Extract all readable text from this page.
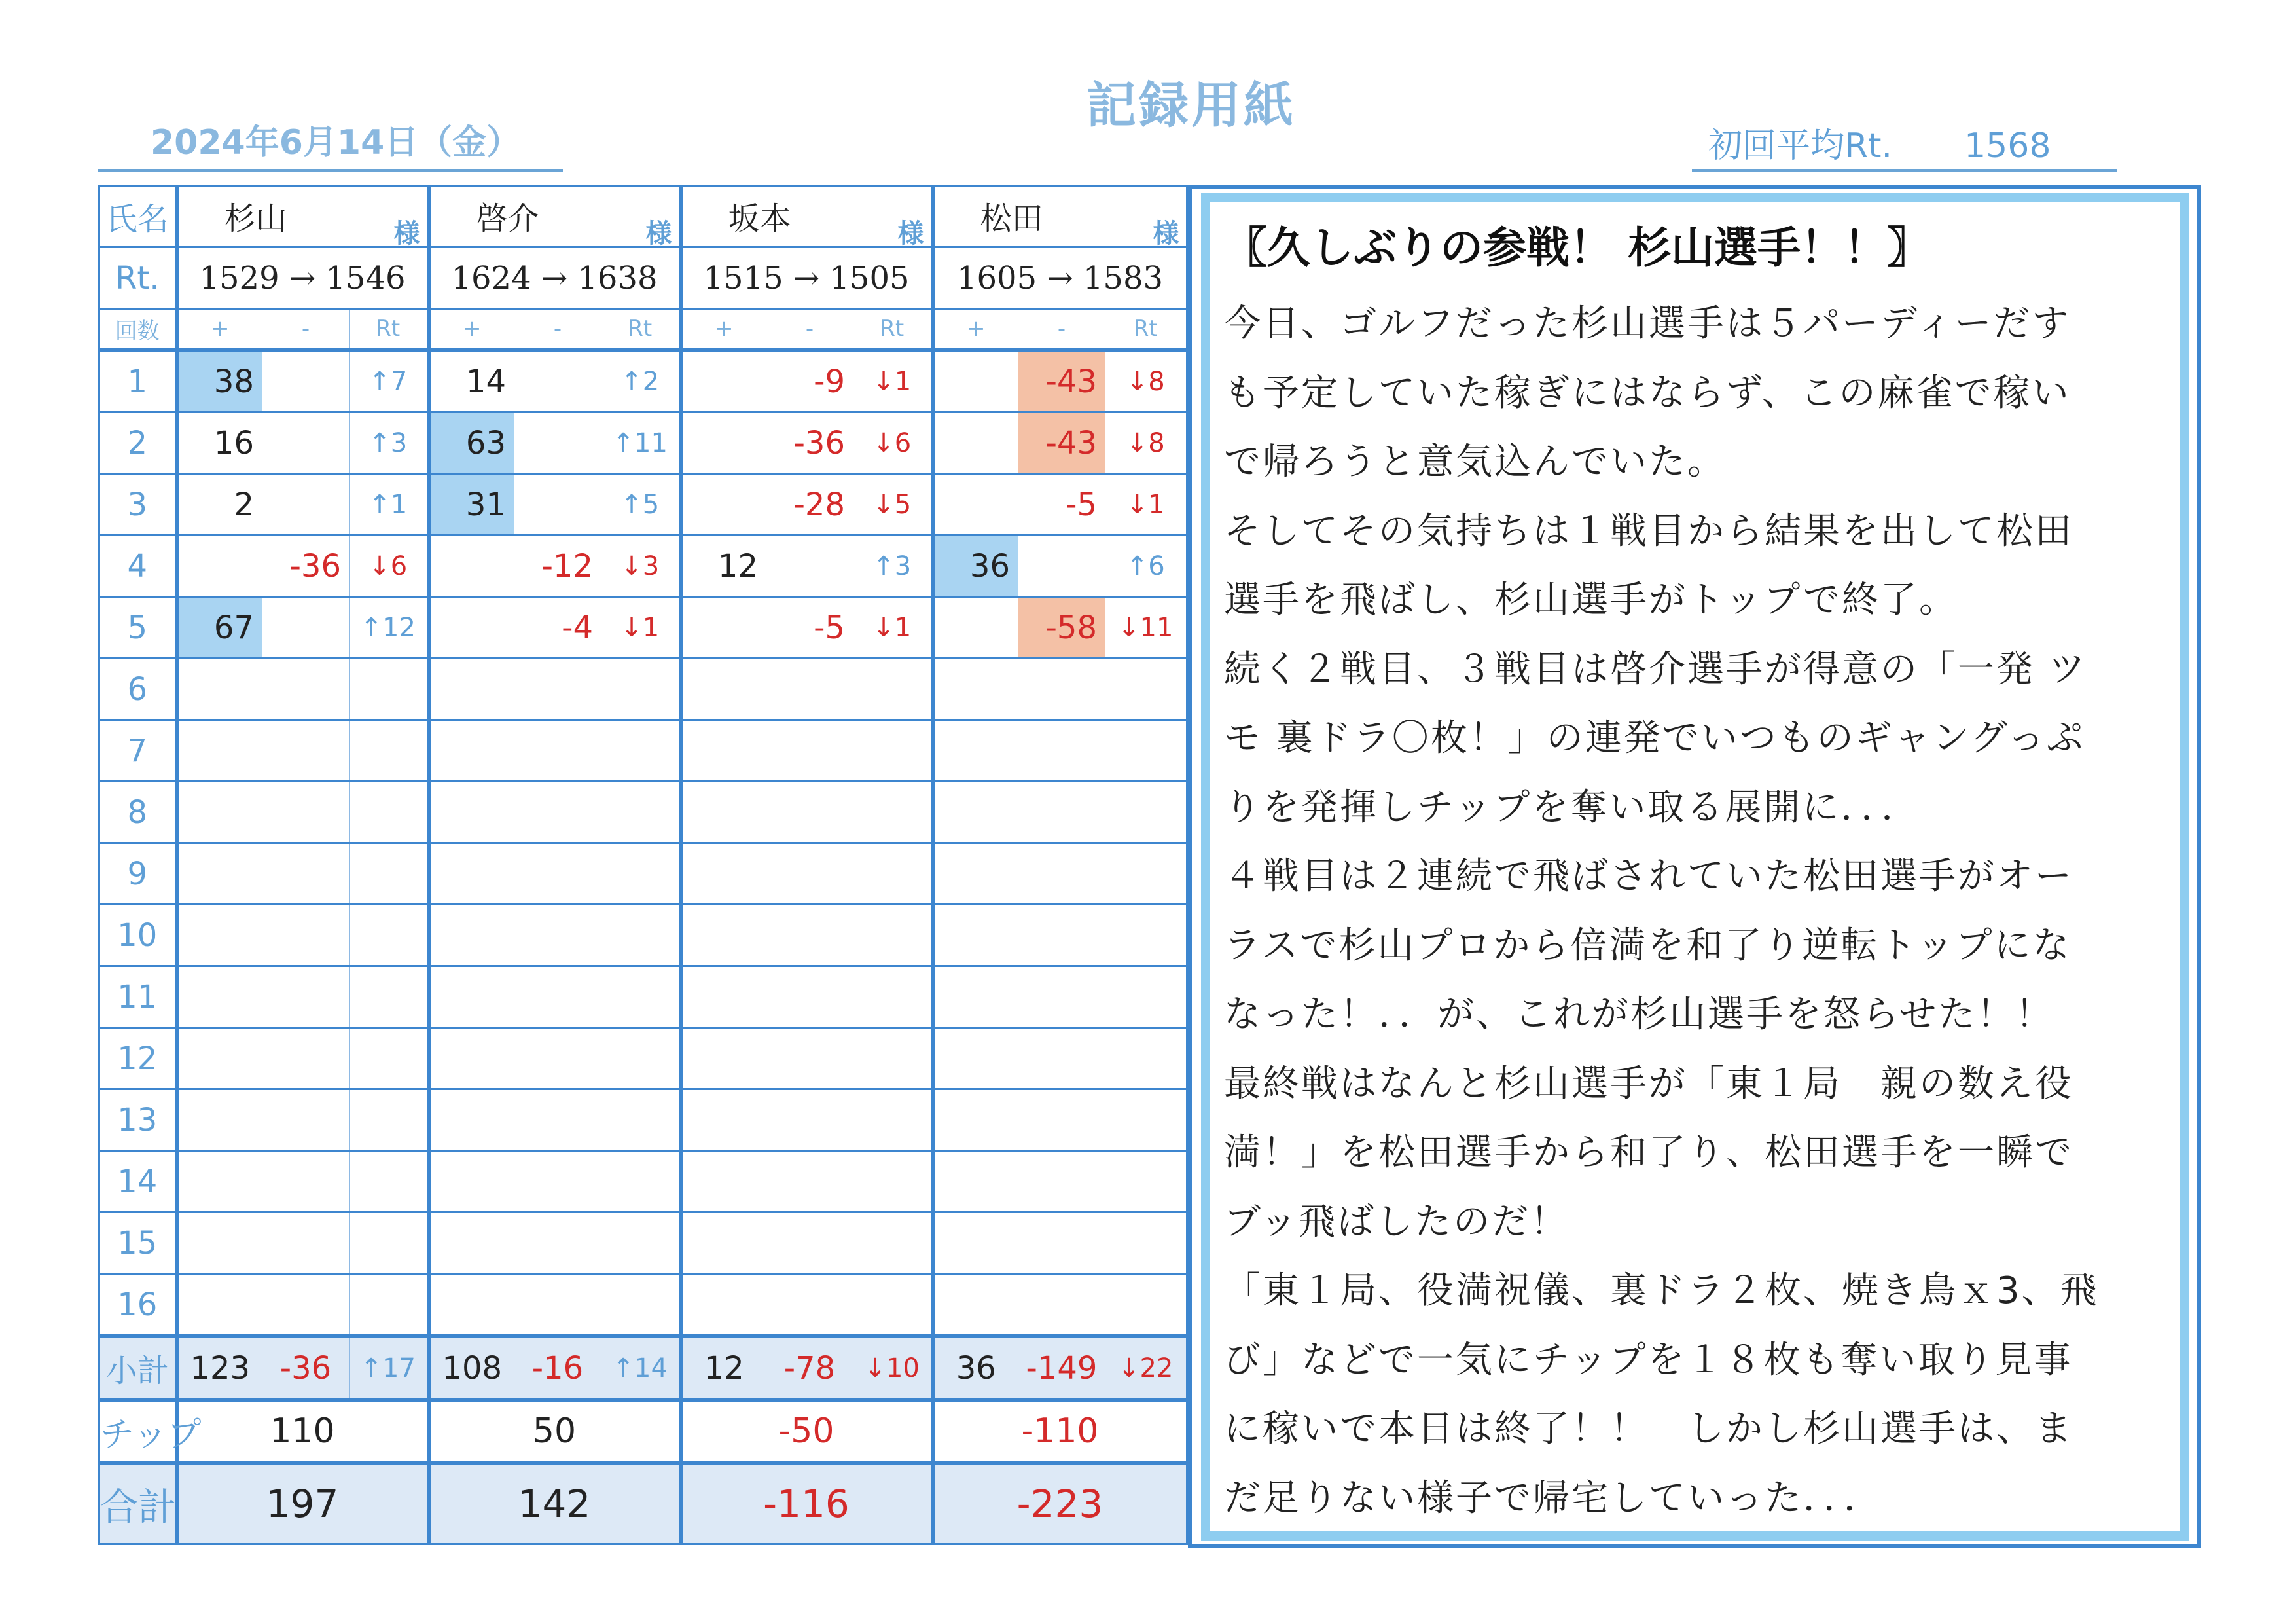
記録用紙
2024年6月14日（金）	初回平均Rt. 1568
氏名	杉山 様			啓介 様			坂本 様			松田 様		

Rt.	1529 → 1546			1624 → 1638			1515 → 1505			1605 → 1583		
回数	+	-	Rt	+	-	Rt	+	-	Rt	+	-	Rt
1	38		↑7	14		↑2		-9	↓1		-43	↓8
2	16		↑3	63		↑11		-36	↓6		-43	↓8
3	2		↑1	31		↑5		-28	↓5		-5	↓1
4		-36	↓6		-12	↓3	12		↑3	36		↑6
5	67		↑12		-4	↓1		-5	↓1		-58	↓11
6												
7												
8												
9												
10												
11												
12												
13												
14												
15												
16												
小計	123	-36	↑17	108	-16	↑14	12	-78	↓10	36	-149	↓22
チップ	110			50			-50			-110		
合計	197			142			-116			-223		
〖久しぶりの参戦！ 杉山選手！！〗
今日、ゴルフだった杉山選手は５パーディーだす
も予定していた稼ぎにはならず、この麻雀で稼い
で帰ろうと意気込んでいた。
そしてその気持ちは１戦目から結果を出して松田
選手を飛ばし、杉山選手がトップで終了。
続く２戦目、３戦目は啓介選手が得意の「一発 ツ
モ 裏ドラ〇枚！」の連発でいつものギャングっぷ
りを発揮しチップを奪い取る展開に．．．
４戦目は２連続で飛ばされていた松田選手がオー
ラスで杉山プロから倍満を和了り逆転トップにな
なった！．．が、これが杉山選手を怒らせた！！
最終戦はなんと杉山選手が「東１局　親の数え役
満！」を松田選手から和了り、松田選手を一瞬で
ブッ飛ばしたのだ！
「東１局、役満祝儀、裏ドラ２枚、焼き鳥ｘ3、飛
び」などで一気にチップを１８枚も奪い取り見事
に稼いで本日は終了！！　しかし杉山選手は、ま
だ足りない様子で帰宅していった．．．
